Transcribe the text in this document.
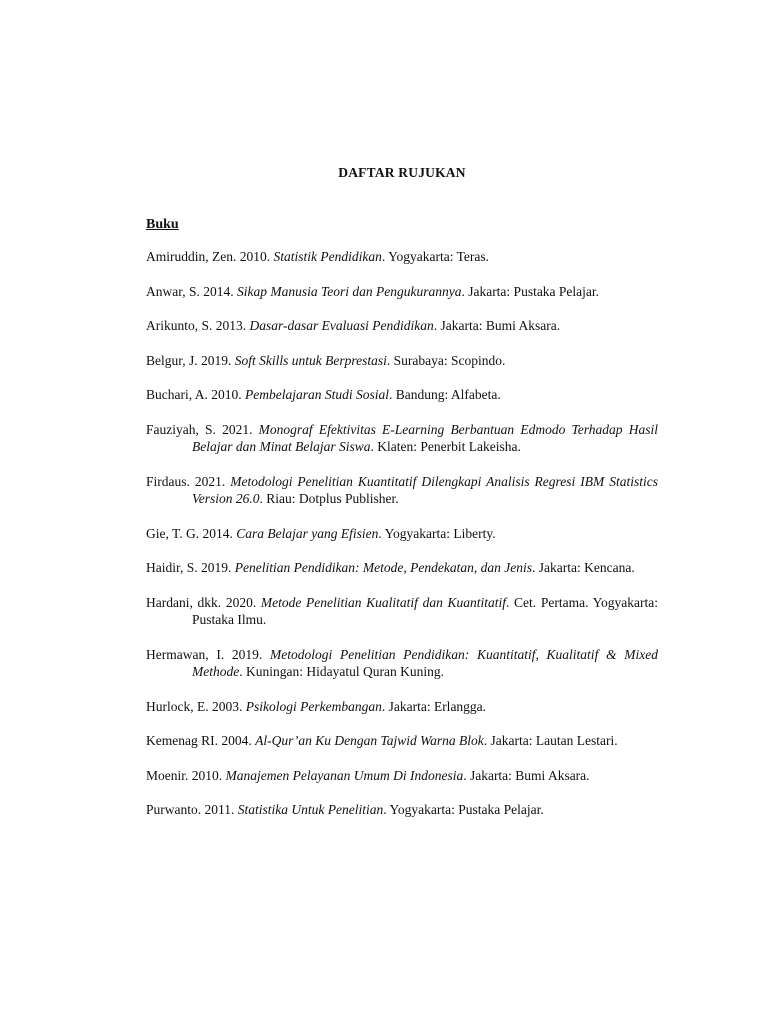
DAFTAR RUJUKAN
Buku
Amiruddin, Zen. 2010. Statistik Pendidikan. Yogyakarta: Teras.
Anwar, S. 2014. Sikap Manusia Teori dan Pengukurannya. Jakarta: Pustaka Pelajar.
Arikunto, S. 2013. Dasar-dasar Evaluasi Pendidikan. Jakarta: Bumi Aksara.
Belgur, J. 2019. Soft Skills untuk Berprestasi. Surabaya: Scopindo.
Buchari, A. 2010. Pembelajaran Studi Sosial. Bandung: Alfabeta.
Fauziyah, S. 2021. Monograf Efektivitas E-Learning Berbantuan Edmodo Terhadap Hasil Belajar dan Minat Belajar Siswa. Klaten: Penerbit Lakeisha.
Firdaus. 2021. Metodologi Penelitian Kuantitatif Dilengkapi Analisis Regresi IBM Statistics Version 26.0. Riau: Dotplus Publisher.
Gie, T. G. 2014. Cara Belajar yang Efisien. Yogyakarta: Liberty.
Haidir, S. 2019. Penelitian Pendidikan: Metode, Pendekatan, dan Jenis. Jakarta: Kencana.
Hardani, dkk. 2020. Metode Penelitian Kualitatif dan Kuantitatif. Cet. Pertama. Yogyakarta: Pustaka Ilmu.
Hermawan, I. 2019. Metodologi Penelitian Pendidikan: Kuantitatif, Kualitatif & Mixed Methode. Kuningan: Hidayatul Quran Kuning.
Hurlock, E. 2003. Psikologi Perkembangan. Jakarta: Erlangga.
Kemenag RI. 2004. Al-Qur’an Ku Dengan Tajwid Warna Blok. Jakarta: Lautan Lestari.
Moenir. 2010. Manajemen Pelayanan Umum Di Indonesia. Jakarta: Bumi Aksara.
Purwanto. 2011. Statistika Untuk Penelitian. Yogyakarta: Pustaka Pelajar.
